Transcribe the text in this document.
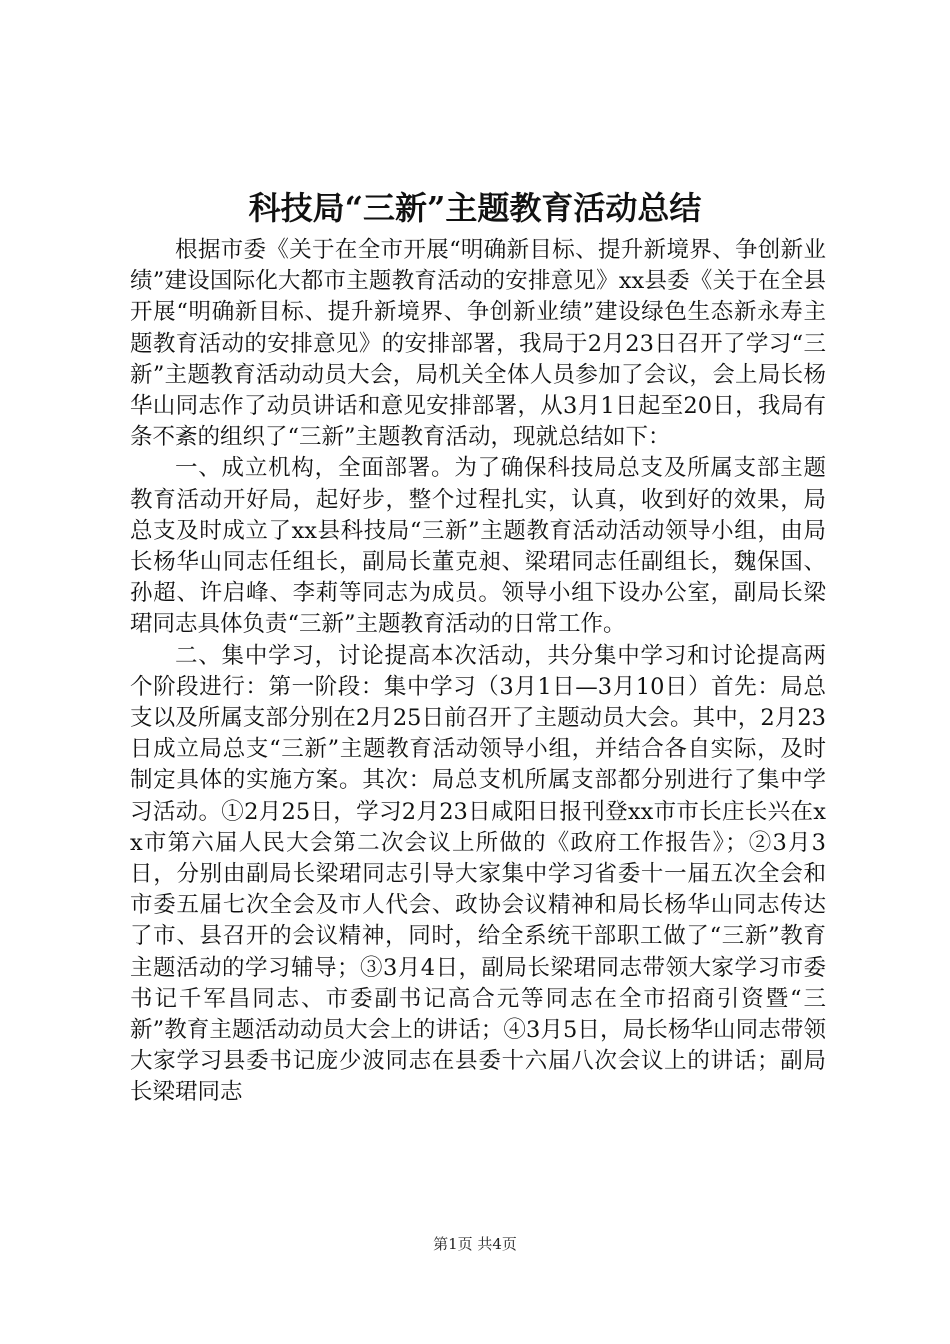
科技局“三新”主题教育活动总结

根据市委《关于在全市开展“明确新目标、提升新境界、争创新业绩”建设国际化大都市主题教育活动的安排意见》xx县委《关于在全县开展“明确新目标、提升新境界、争创新业绩”建设绿色生态新永寿主题教育活动的安排意见》的安排部署，我局于2月23日召开了学习“三新”主题教育活动动员大会，局机关全体人员参加了会议，会上局长杨华山同志作了动员讲话和意见安排部署，从3月1日起至20日，我局有条不紊的组织了“三新”主题教育活动，现就总结如下：

一、成立机构，全面部署。为了确保科技局总支及所属支部主题教育活动开好局，起好步，整个过程扎实，认真，收到好的效果，局总支及时成立了xx县科技局“三新”主题教育活动活动领导小组，由局长杨华山同志任组长，副局长董克昶、梁珺同志任副组长，魏保国、孙超、许启峰、李莉等同志为成员。领导小组下设办公室，副局长梁珺同志具体负责“三新”主题教育活动的日常工作。

二、集中学习，讨论提高本次活动，共分集中学习和讨论提高两个阶段进行：第一阶段：集中学习（3月1日—3月10日）首先：局总支以及所属支部分别在2月25日前召开了主题动员大会。其中，2月23日成立局总支“三新”主题教育活动领导小组，并结合各自实际，及时制定具体的实施方案。其次：局总支机所属支部都分别进行了集中学习活动。①2月25日，学习2月23日咸阳日报刊登xx市市长庄长兴在xx市第六届人民大会第二次会议上所做的《政府工作报告》；②3月3日，分别由副局长梁珺同志引导大家集中学习省委十一届五次全会和市委五届七次全会及市人代会、政协会议精神和局长杨华山同志传达了市、县召开的会议精神，同时，给全系统干部职工做了“三新”教育主题活动的学习辅导；③3月4日，副局长梁珺同志带领大家学习市委书记千军昌同志、市委副书记高合元等同志在全市招商引资暨“三新”教育主题活动动员大会上的讲话；④3月5日，局长杨华山同志带领大家学习县委书记庞少波同志在县委十六届八次会议上的讲话；副局长梁珺同志

第1页 共4页
